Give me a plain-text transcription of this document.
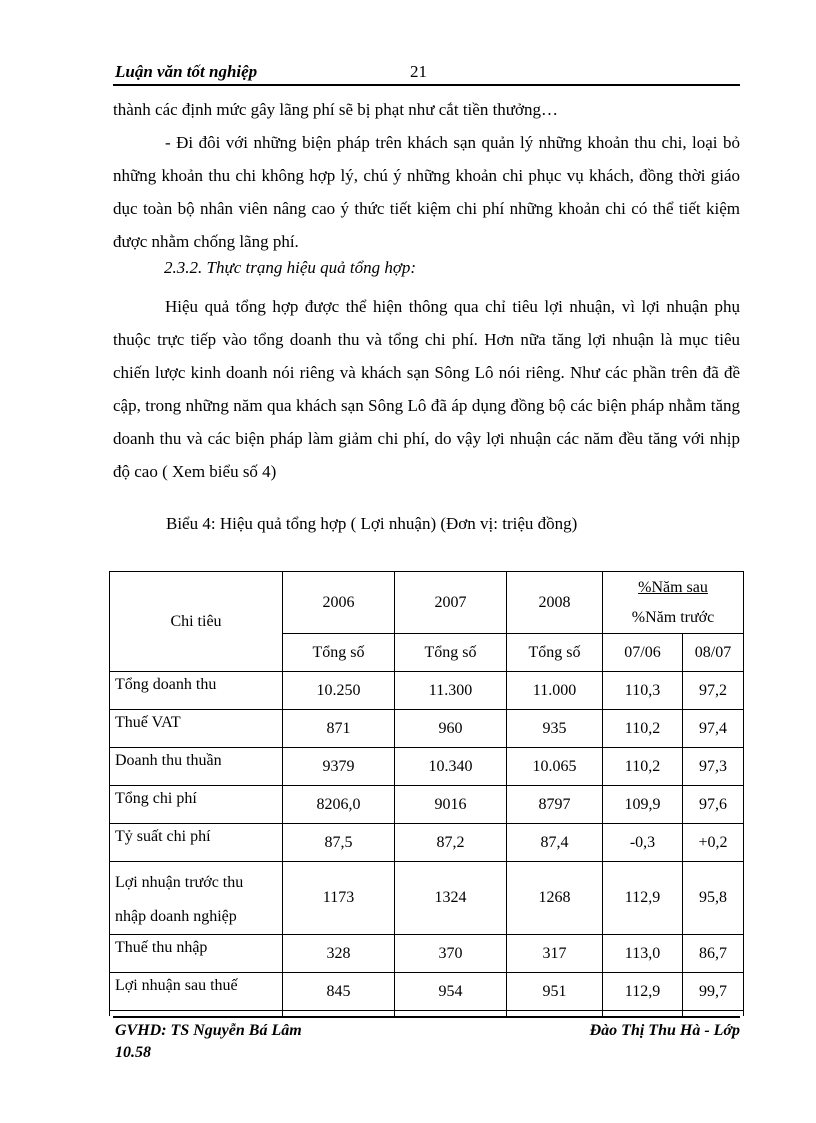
Luận văn tốt nghiệp	21

thành các định mức gây lãng phí sẽ bị phạt như cắt tiền thưởng…

- Đi đôi với những biện pháp trên khách sạn quản lý những khoản thu chi, loại bỏ những khoản thu chi không hợp lý, chú ý những khoản chi phục vụ khách, đồng thời giáo dục toàn bộ nhân viên nâng cao ý thức tiết kiệm chi phí những khoản chi có thể tiết kiệm được nhằm chống lãng phí.

2.3.2. Thực trạng hiệu quả tổng hợp:

Hiệu quả tổng hợp được thể hiện thông qua chỉ tiêu lợi nhuận, vì lợi nhuận phụ thuộc trực tiếp vào tổng doanh thu và tổng chi phí. Hơn nữa tăng lợi nhuận là mục tiêu chiến lược kinh doanh nói riêng và khách sạn Sông Lô nói riêng. Như các phần trên đã đề cập, trong những năm qua khách sạn Sông Lô đã áp dụng đồng bộ các biện pháp nhằm tăng doanh thu và các biện pháp làm giảm chi phí, do vậy lợi nhuận các năm đều tăng với nhịp độ cao ( Xem biểu số 4)

Biểu 4: Hiệu quả tổng hợp ( Lợi nhuận) (Đơn vị: triệu đồng)
Chi tiêu	2006	2007	2008	%Năm sau
%Năm trước	

	Tổng số	Tổng số	Tổng số	07/06	08/07
Tổng doanh thu	10.250	11.300	11.000	110,3	97,2
Thuế VAT	871	960	935	110,2	97,4
Doanh thu thuần	9379	10.340	10.065	110,2	97,3
Tổng chi phí	8206,0	9016	8797	109,9	97,6
Tỷ suất chi phí	87,5	87,2	87,4	-0,3	+0,2
Lợi nhuận trước thu nhập doanh nghiệp	1173	1324	1268	112,9	95,8
Thuế thu nhập	328	370	317	113,0	86,7
Lợi nhuận sau thuế	845	954	951	112,9	99,7

GVHD: TS Nguyễn Bá Lâm	Đào Thị Thu Hà - Lớp
10.58
